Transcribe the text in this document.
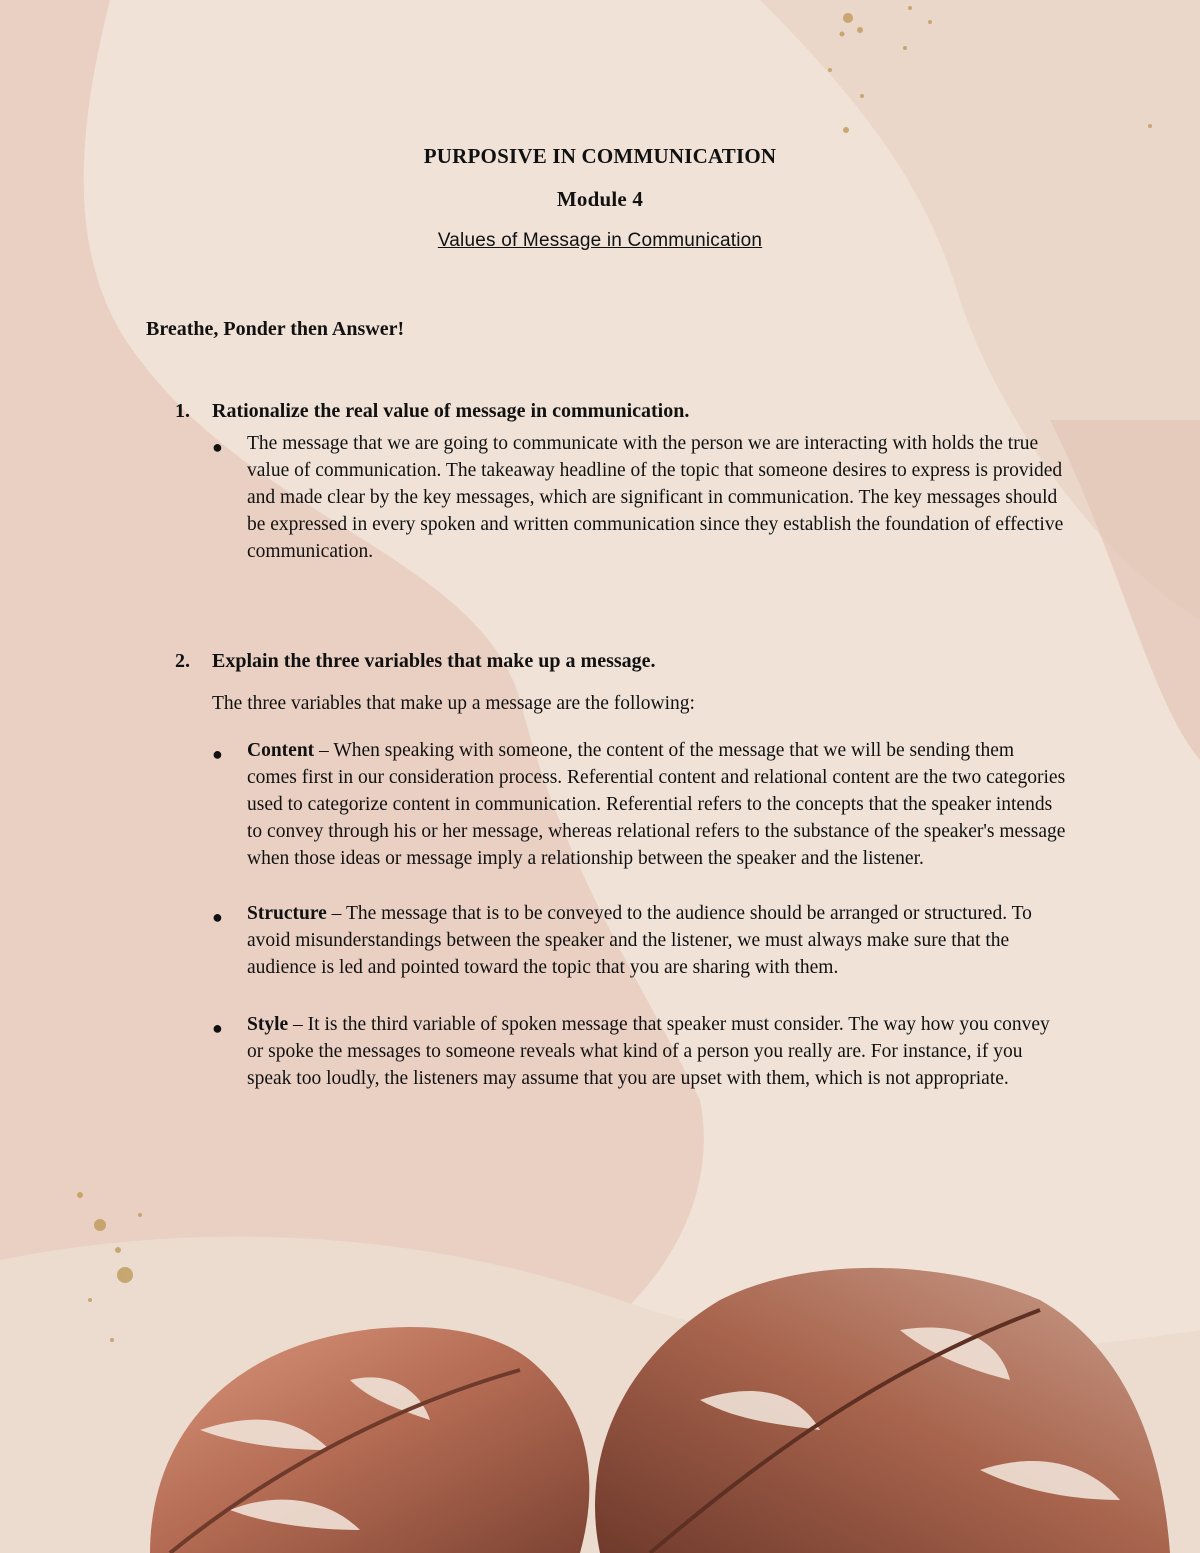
PURPOSIVE IN COMMUNICATION
Module 4
Values of Message in Communication
Breathe, Ponder then Answer!
1. Rationalize the real value of message in communication.
● The message that we are going to communicate with the person we are interacting with holds the true value of communication. The takeaway headline of the topic that someone desires to express is provided and made clear by the key messages, which are significant in communication. The key messages should be expressed in every spoken and written communication since they establish the foundation of effective communication.
2. Explain the three variables that make up a message.
The three variables that make up a message are the following:
● Content – When speaking with someone, the content of the message that we will be sending them comes first in our consideration process. Referential content and relational content are the two categories used to categorize content in communication. Referential refers to the concepts that the speaker intends to convey through his or her message, whereas relational refers to the substance of the speaker's message when those ideas or message imply a relationship between the speaker and the listener.
● Structure – The message that is to be conveyed to the audience should be arranged or structured. To avoid misunderstandings between the speaker and the listener, we must always make sure that the audience is led and pointed toward the topic that you are sharing with them.
● Style – It is the third variable of spoken message that speaker must consider. The way how you convey or spoke the messages to someone reveals what kind of a person you really are. For instance, if you speak too loudly, the listeners may assume that you are upset with them, which is not appropriate.
